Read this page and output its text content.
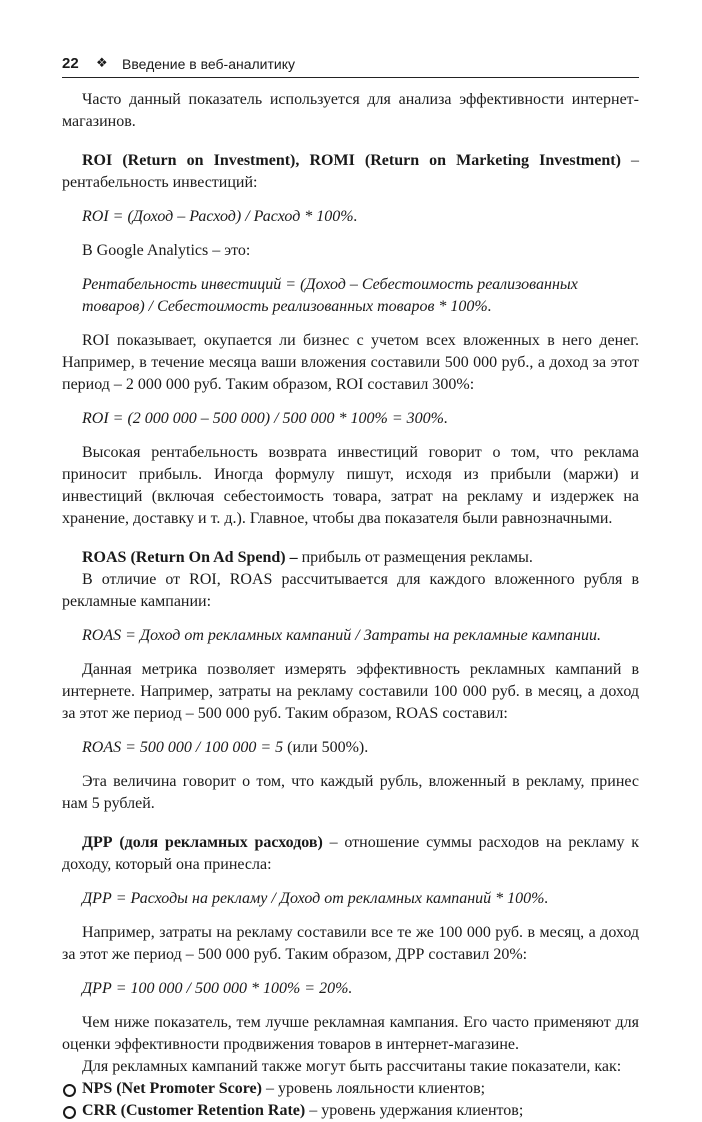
22 ❖ Введение в веб-аналитику

Часто данный показатель используется для анализа эффективности интернет-магазинов.

ROI (Return on Investment), ROMI (Return on Marketing Investment) – рентабельность инвестиций:

ROI = (Доход – Расход) / Расход * 100%.

В Google Analytics – это:

Рентабельность инвестиций = (Доход – Себестоимость реализованных товаров) / Себестоимость реализованных товаров * 100%.

ROI показывает, окупается ли бизнес с учетом всех вложенных в него денег. Например, в течение месяца ваши вложения составили 500 000 руб., а доход за этот период – 2 000 000 руб. Таким образом, ROI составил 300%:

ROI = (2 000 000 – 500 000) / 500 000 * 100% = 300%.

Высокая рентабельность возврата инвестиций говорит о том, что реклама приносит прибыль. Иногда формулу пишут, исходя из прибыли (маржи) и инвестиций (включая себестоимость товара, затрат на рекламу и издержек на хранение, доставку и т. д.). Главное, чтобы два показателя были равнозначными.

ROAS (Return On Ad Spend) – прибыль от размещения рекламы.

В отличие от ROI, ROAS рассчитывается для каждого вложенного рубля в рекламные кампании:

ROAS = Доход от рекламных кампаний / Затраты на рекламные кампании.

Данная метрика позволяет измерять эффективность рекламных кампаний в интернете. Например, затраты на рекламу составили 100 000 руб. в месяц, а доход за этот же период – 500 000 руб. Таким образом, ROAS составил:

ROAS = 500 000 / 100 000 = 5 (или 500%).

Эта величина говорит о том, что каждый рубль, вложенный в рекламу, принес нам 5 рублей.

ДРР (доля рекламных расходов) – отношение суммы расходов на рекламу к доходу, который она принесла:

ДРР = Расходы на рекламу / Доход от рекламных кампаний * 100%.

Например, затраты на рекламу составили все те же 100 000 руб. в месяц, а доход за этот же период – 500 000 руб. Таким образом, ДРР составил 20%:

ДРР = 100 000 / 500 000 * 100% = 20%.

Чем ниже показатель, тем лучше рекламная кампания. Его часто применяют для оценки эффективности продвижения товаров в интернет-магазине.

Для рекламных кампаний также могут быть рассчитаны такие показатели, как:

NPS (Net Promoter Score) – уровень лояльности клиентов;
CRR (Customer Retention Rate) – уровень удержания клиентов;
